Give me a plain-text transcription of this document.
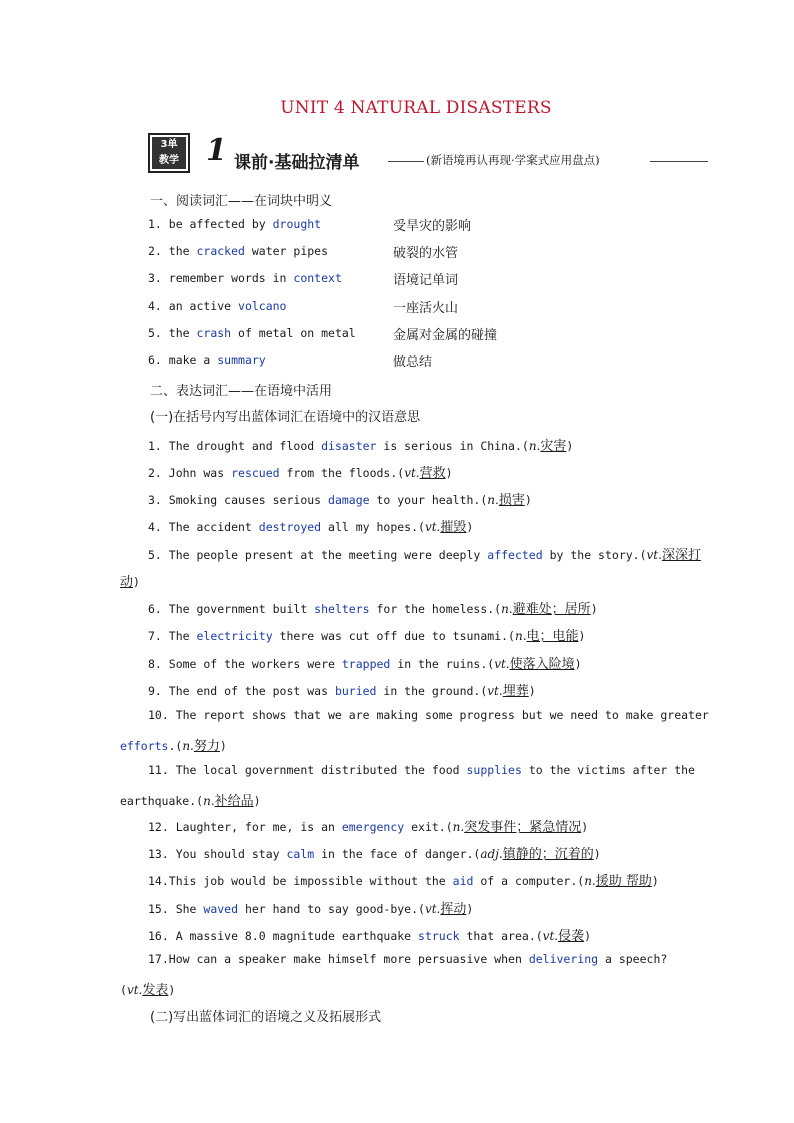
UNIT 4 NATURAL DISASTERS
3单
教学 1 课前·基础拉清单	(新语境再认再现·学案式应用盘点)
一、阅读词汇——在词块中明义
1. be affected by drought	受旱灾的影响
2. the cracked water pipes	破裂的水管
3. remember words in context	语境记单词
4. an active volcano	一座活火山
5. the crash of metal on metal	金属对金属的碰撞
6. make a summary	做总结
二、表达词汇——在语境中活用
(一)在括号内写出蓝体词汇在语境中的汉语意思
1. The drought and flood disaster is serious in China.(n.灾害)
2. John was rescued from the floods.(vt.营救)
3. Smoking causes serious damage to your health.(n.损害)
4. The accident destroyed all my hopes.(vt.摧毁)
5. The people present at the meeting were deeply affected by the story.(vt.深深打
动)
6. The government built shelters for the homeless.(n.避难处；居所)
7. The electricity there was cut off due to tsunami.(n.电；电能)
8. Some of the workers were trapped in the ruins.(vt.使落入险境)
9. The end of the post was buried in the ground.(vt.埋葬)
10. The report shows that we are making some progress but we need to make greater
efforts.(n.努力)
11. The local government distributed the food supplies to the victims after the
earthquake.(n.补给品)
12. Laughter, for me, is an emergency exit.(n.突发事件；紧急情况)
13. You should stay calm in the face of danger.(adj.镇静的；沉着的)
14.This job would be impossible without the aid of a computer.(n.援助 帮助)
15. She waved her hand to say good-bye.(vt.挥动)
16. A massive 8.0 magnitude earthquake struck that area.(vt.侵袭)
17.How can a speaker make himself more persuasive when delivering a speech?
(vt.发表)
(二)写出蓝体词汇的语境之义及拓展形式
